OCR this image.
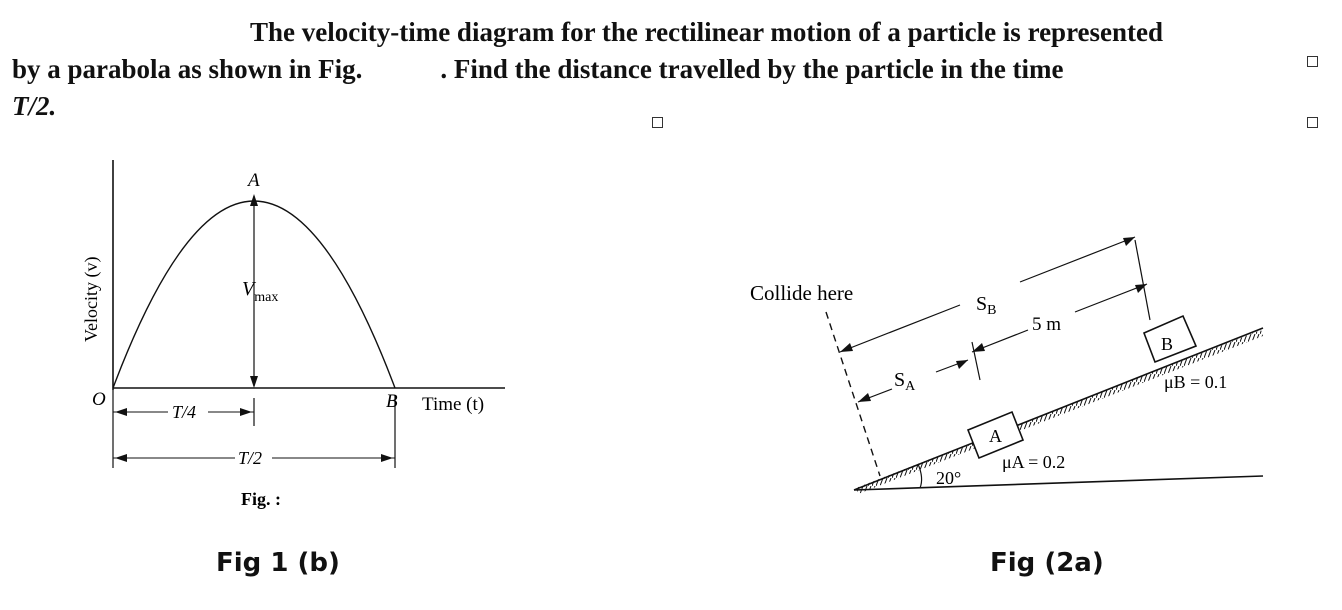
The velocity-time diagram for the rectilinear motion of a particle is represented
by a parabola as shown in Fig.	. Find the distance travelled by the particle in the time
T/2.

A
O	B
$V_{max}$
T/4
T/2
Time (t)
Velocity (v)
Fig. :
A
B
Collide here	$S_B$
5 m
$S_A$	μB = 0.1
μA = 0.2
20°
Fig 1 (b)	Fig (2a)
